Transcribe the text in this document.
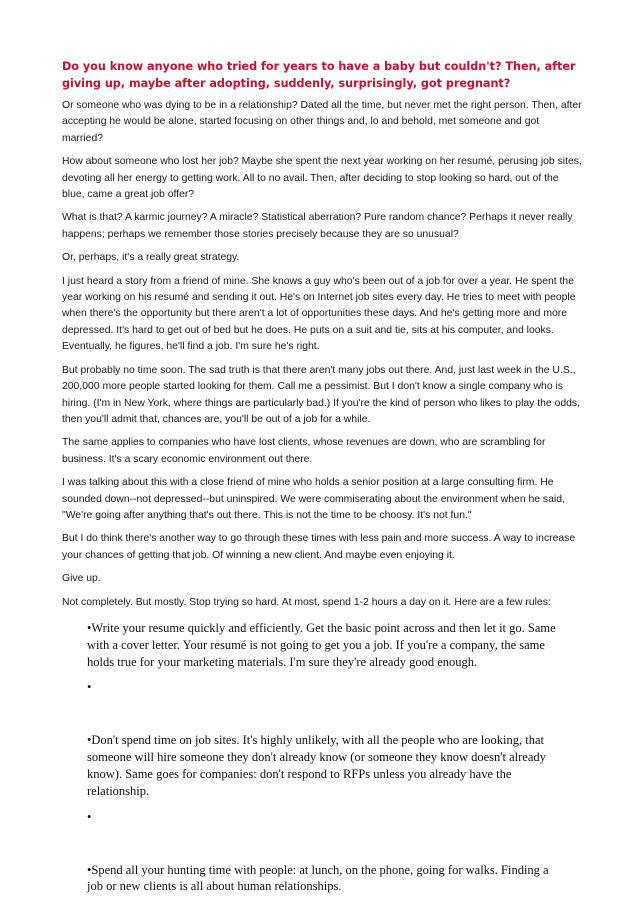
Do you know anyone who tried for years to have a baby but couldn't? Then, after giving up, maybe after adopting, suddenly, surprisingly, got pregnant?
Or someone who was dying to be in a relationship? Dated all the time, but never met the right person. Then, after accepting he would be alone, started focusing on other things and, lo and behold, met someone and got married?
How about someone who lost her job? Maybe she spent the next year working on her resumé, perusing job sites, devoting all her energy to getting work. All to no avail. Then, after deciding to stop looking so hard, out of the blue, came a great job offer?
What is that? A karmic journey? A miracle? Statistical aberration? Pure random chance? Perhaps it never really happens; perhaps we remember those stories precisely because they are so unusual?
Or, perhaps, it's a really great strategy.
I just heard a story from a friend of mine. She knows a guy who's been out of a job for over a year. He spent the year working on his resumé and sending it out. He's on Internet job sites every day. He tries to meet with people when there's the opportunity but there aren't a lot of opportunities these days. And he's getting more and more depressed. It's hard to get out of bed but he does. He puts on a suit and tie, sits at his computer, and looks. Eventually, he figures, he'll find a job. I'm sure he's right.
But probably no time soon. The sad truth is that there aren't many jobs out there. And, just last week in the U.S., 200,000 more people started looking for them. Call me a pessimist. But I don't know a single company who is hiring. (I'm in New York, where things are particularly bad.) If you're the kind of person who likes to play the odds, then you'll admit that, chances are, you'll be out of a job for a while.
The same applies to companies who have lost clients, whose revenues are down, who are scrambling for business. It's a scary economic environment out there.
I was talking about this with a close friend of mine who holds a senior position at a large consulting firm. He sounded down--not depressed--but uninspired. We were commiserating about the environment when he said, "We're going after anything that's out there. This is not the time to be choosy. It's not fun."
But I do think there's another way to go through these times with less pain and more success. A way to increase your chances of getting that job. Of winning a new client. And maybe even enjoying it.
Give up.
Not completely. But mostly. Stop trying so hard. At most, spend 1-2 hours a day on it. Here are a few rules:
•Write your resume quickly and efficiently. Get the basic point across and then let it go. Same with a cover letter. Your resumé is not going to get you a job. If you're a company, the same holds true for your marketing materials. I'm sure they're already good enough.
•
•Don't spend time on job sites. It's highly unlikely, with all the people who are looking, that someone will hire someone they don't already know (or someone they know doesn't already know). Same goes for companies: don't respond to RFPs unless you already have the relationship.
•
•Spend all your hunting time with people: at lunch, on the phone, going for walks. Finding a job or new clients is all about human relationships.
